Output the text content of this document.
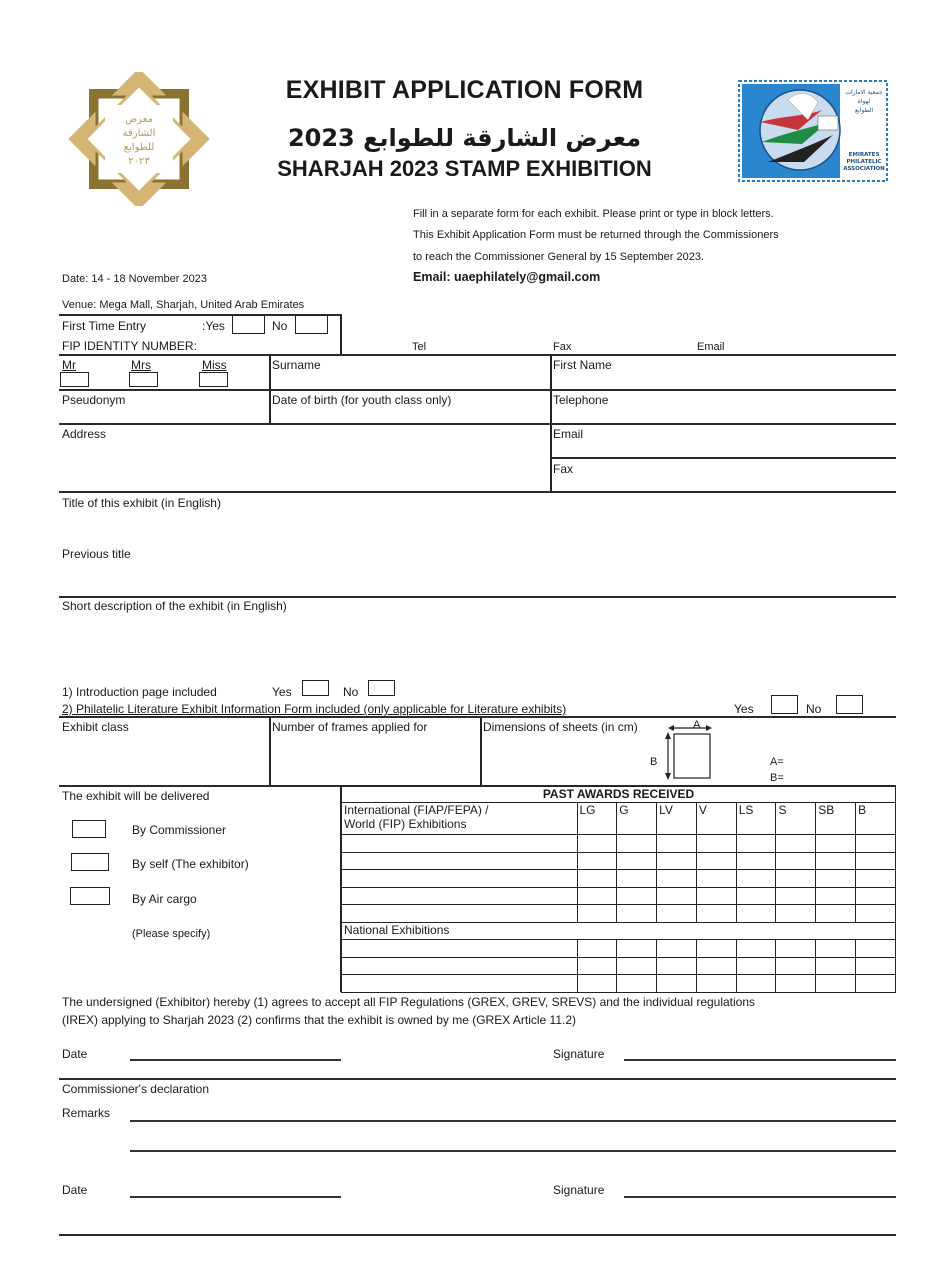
معرض
الشارقة
للطوابع
٢٠٢٣
EXHIBIT APPLICATION FORM
معرض الشارقة للطوابع 2023
SHARJAH 2023 STAMP EXHIBITION
جمعية الامارات
لهواة
الطوابع
EMIRATES
PHILATELIC
ASSOCIATION
Fill in a separate form for each exhibit. Please print or type in block letters.
This Exhibit Application Form must be returned through the Commissioners
to reach the Commissioner General by 15 September 2023.
Email: uaephilately@gmail.com
Date: 14 - 18 November 2023
Venue: Mega Mall, Sharjah, United Arab Emirates
First Time Entry	:Yes	No
FIP IDENTITY NUMBER:	Tel	Fax	Email
Mr	Mrs	Miss	Surname	First Name
Pseudonym	Date of birth (for youth class only)	Telephone
Address	Email
Fax
Title of this exhibit (in English)
Previous title
Short description of the exhibit (in English)
1) Introduction page included	Yes	No
2) Philatelic Literature Exhibit Information Form included (only applicable for Literature exhibits)	Yes	No
Exhibit class	Number of frames applied for	Dimensions of sheets (in cm)	A
B	A=
B=
The exhibit will be delivered
By Commissioner
By self (The exhibitor)
By Air cargo
(Please specify)
PAST AWARDS RECEIVED								
International (FIAP/FEPA) /
World (FIP) Exhibitions	LG	G	LV	V	LS	S	SB	B

National Exhibitions								

The undersigned (Exhibitor) hereby (1) agrees to accept all FIP Regulations (GREX, GREV, SREVS) and the individual regulations
(IREX) applying to Sharjah 2023 (2) confirms that the exhibit is owned by me (GREX Article 11.2)
Date	Signature
Commissioner's declaration
Remarks
Date	Signature
